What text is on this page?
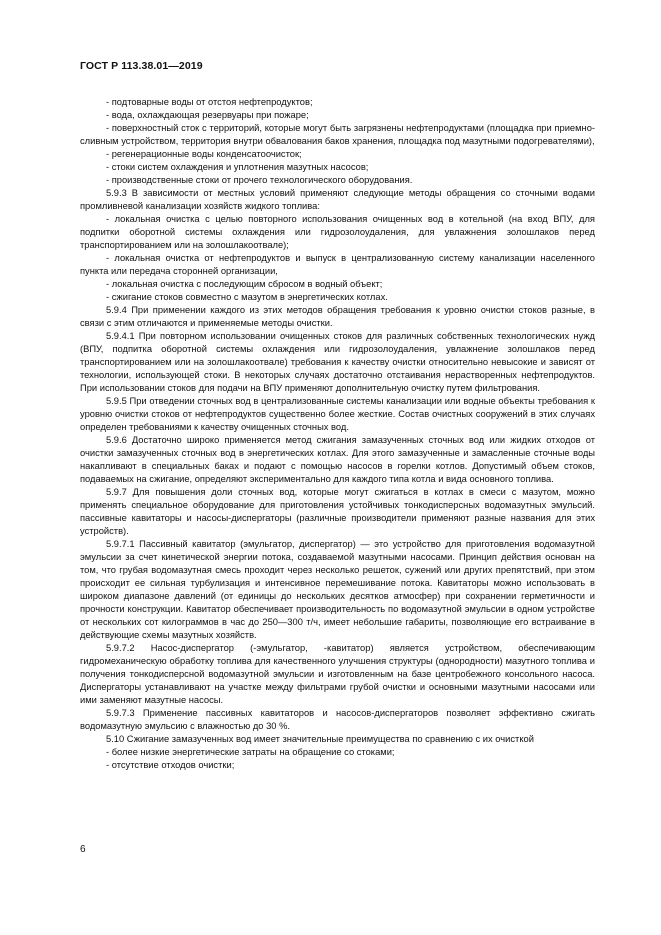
ГОСТ Р 113.38.01—2019

- подтоварные воды от отстоя нефтепродуктов;

- вода, охлаждающая резервуары при пожаре;

- поверхностный сток с территорий, которые могут быть загрязнены нефтепродуктами (площадка при приемно-сливным устройством, территория внутри обвалования баков хранения, площадка под мазутными подогревателями),

- регенерационные воды конденсатоочисток;

- стоки систем охлаждения и уплотнения мазутных насосов;

- производственные стоки от прочего технологического оборудования.

5.9.3 В зависимости от местных условий применяют следующие методы обращения со сточными водами промливневой канализации хозяйств жидкого топлива:

- локальная очистка с целью повторного использования очищенных вод в котельной (на вход ВПУ, для подпитки оборотной системы охлаждения или гидрозолоудаления, для увлажнения золошлаков перед транспортированием или на золошлакоотвале);

- локальная очистка от нефтепродуктов и выпуск в централизованную систему канализации населенного пункта или передача сторонней организации,

- локальная очистка с последующим сбросом в водный объект;

- сжигание стоков совместно с мазутом в энергетических котлах.

5.9.4 При применении каждого из этих методов обращения требования к уровню очистки стоков разные, в связи с этим отличаются и применяемые методы очистки.

5.9.4.1 При повторном использовании очищенных стоков для различных собственных технологических нужд (ВПУ, подпитка оборотной системы охлаждения или гидрозолоудаления, увлажнение золошлаков перед транспортированием или на золошлакоотвале) требования к качеству очистки относительно невысокие и зависят от технологии, использующей стоки. В некоторых случаях достаточно отстаивания нерастворенных нефтепродуктов. При использовании стоков для подачи на ВПУ применяют дополнительную очистку путем фильтрования.

5.9.5 При отведении сточных вод в централизованные системы канализации или водные объекты требования к уровню очистки стоков от нефтепродуктов существенно более жесткие. Состав очистных сооружений в этих случаях определен требованиями к качеству очищенных сточных вод.

5.9.6 Достаточно широко применяется метод сжигания замазученных сточных вод или жидких отходов от очистки замазученных сточных вод в энергетических котлах. Для этого замазученные и замасленные сточные воды накапливают в специальных баках и подают с помощью насосов в горелки котлов. Допустимый объем стоков, подаваемых на сжигание, определяют экспериментально для каждого типа котла и вида основного топлива.

5.9.7 Для повышения доли сточных вод, которые могут сжигаться в котлах в смеси с мазутом, можно применять специальное оборудование для приготовления устойчивых тонкодисперсных водомазутных эмульсий. пассивные кавитаторы и насосы-диспергаторы (различные производители применяют разные названия для этих устройств).

5.9.7.1 Пассивный кавитатор (эмульгатор, диспергатор) — это устройство для приготовления водомазутной эмульсии за счет кинетической энергии потока, создаваемой мазутными насосами. Принцип действия основан на том, что грубая водомазутная смесь проходит через несколько решеток, сужений или других препятствий, при этом происходит ее сильная турбулизация и интенсивное перемешивание потока. Кавитаторы можно использовать в широком диапазоне давлений (от единицы до нескольких десятков атмосфер) при сохранении герметичности и прочности конструкции. Кавитатор обеспечивает производительность по водомазутной эмульсии в одном устройстве от нескольких сот килограммов в час до 250—300 т/ч, имеет небольшие габариты, позволяющие его встраивание в действующие схемы мазутных хозяйств.

5.9.7.2 Насос-диспергатор (-эмульгатор, -кавитатор) является устройством, обеспечивающим гидромеханическую обработку топлива для качественного улучшения структуры (однородности) мазутного топлива и получения тонкодисперсной водомазутной эмульсии и изготовленным на базе центробежного консольного насоса. Диспергаторы устанавливают на участке между фильтрами грубой очистки и основными мазутными насосами или ими заменяют мазутные насосы.

5.9.7.3 Применение пассивных кавитаторов и насосов-диспергаторов позволяет эффективно сжигать водомазутную эмульсию с влажностью до 30 %.

5.10 Сжигание замазученных вод имеет значительные преимущества по сравнению с их очисткой

- более низкие энергетические затраты на обращение со стоками;

- отсутствие отходов очистки;

6
